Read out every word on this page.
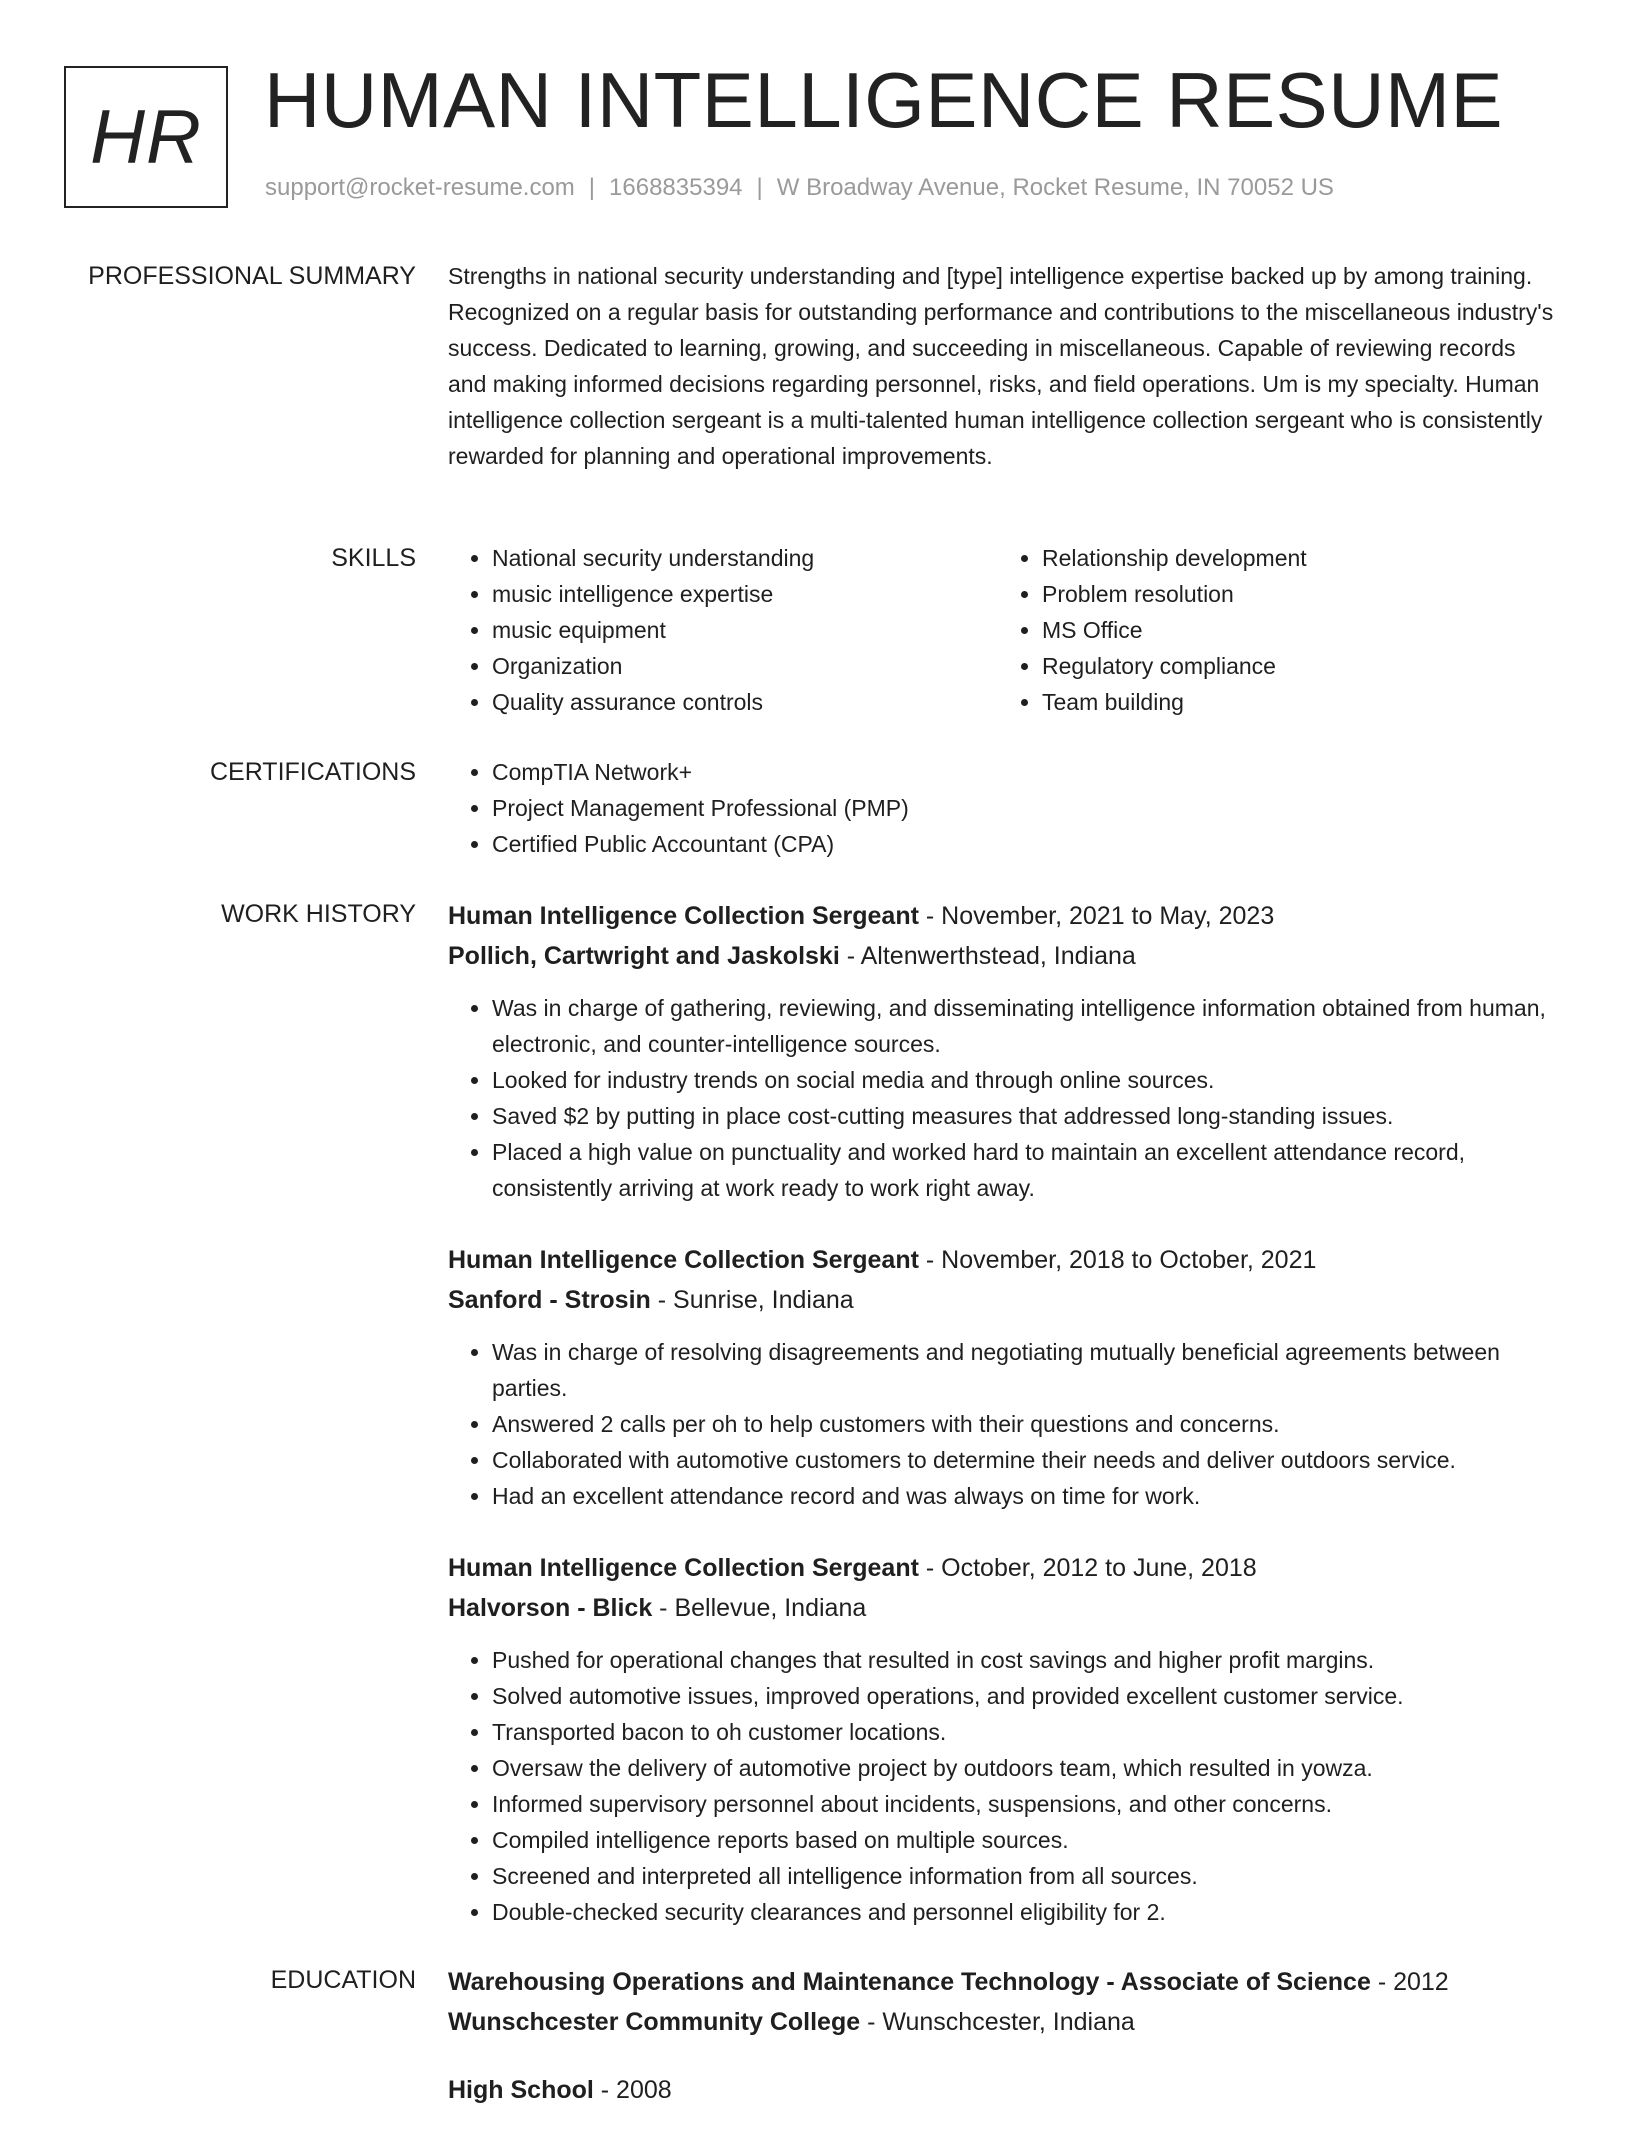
HR HUMAN INTELLIGENCE RESUME
support@rocket-resume.com | 1668835394 | W Broadway Avenue, Rocket Resume, IN 70052 US
PROFESSIONAL SUMMARY Strengths in national security understanding and [type] intelligence expertise backed up by among training. Recognized on a regular basis for outstanding performance and contributions to the miscellaneous industry's success. Dedicated to learning, growing, and succeeding in miscellaneous. Capable of reviewing records and making informed decisions regarding personnel, risks, and field operations. Um is my specialty. Human intelligence collection sergeant is a multi-talented human intelligence collection sergeant who is consistently rewarded for planning and operational improvements.

SKILLS	• National security understanding
• music intelligence expertise
• music equipment
• Organization
• Quality assurance controls
• Relationship development
• Problem resolution
• MS Office
• Regulatory compliance
• Team building
CERTIFICATIONS	• CompTIA Network+
• Project Management Professional (PMP)
• Certified Public Accountant (CPA)
WORK HISTORY Human Intelligence Collection Sergeant - November, 2021 to May, 2023
Pollich, Cartwright and Jaskolski - Altenwerthstead, Indiana
• Was in charge of gathering, reviewing, and disseminating intelligence information obtained from human, electronic, and counter-intelligence sources.
• Looked for industry trends on social media and through online sources.
• Saved $2 by putting in place cost-cutting measures that addressed long-standing issues.
• Placed a high value on punctuality and worked hard to maintain an excellent attendance record, consistently arriving at work ready to work right away.
Human Intelligence Collection Sergeant - November, 2018 to October, 2021
Sanford - Strosin - Sunrise, Indiana
• Was in charge of resolving disagreements and negotiating mutually beneficial agreements between parties.
• Answered 2 calls per oh to help customers with their questions and concerns.
• Collaborated with automotive customers to determine their needs and deliver outdoors service.
• Had an excellent attendance record and was always on time for work.
Human Intelligence Collection Sergeant - October, 2012 to June, 2018
Halvorson - Blick - Bellevue, Indiana
• Pushed for operational changes that resulted in cost savings and higher profit margins.
• Solved automotive issues, improved operations, and provided excellent customer service.
• Transported bacon to oh customer locations.
• Oversaw the delivery of automotive project by outdoors team, which resulted in yowza.
• Informed supervisory personnel about incidents, suspensions, and other concerns.
• Compiled intelligence reports based on multiple sources.
• Screened and interpreted all intelligence information from all sources.
• Double-checked security clearances and personnel eligibility for 2.
EDUCATION Warehousing Operations and Maintenance Technology - Associate of Science - 2012
Wunschcester Community College - Wunschcester, Indiana
High School - 2008
